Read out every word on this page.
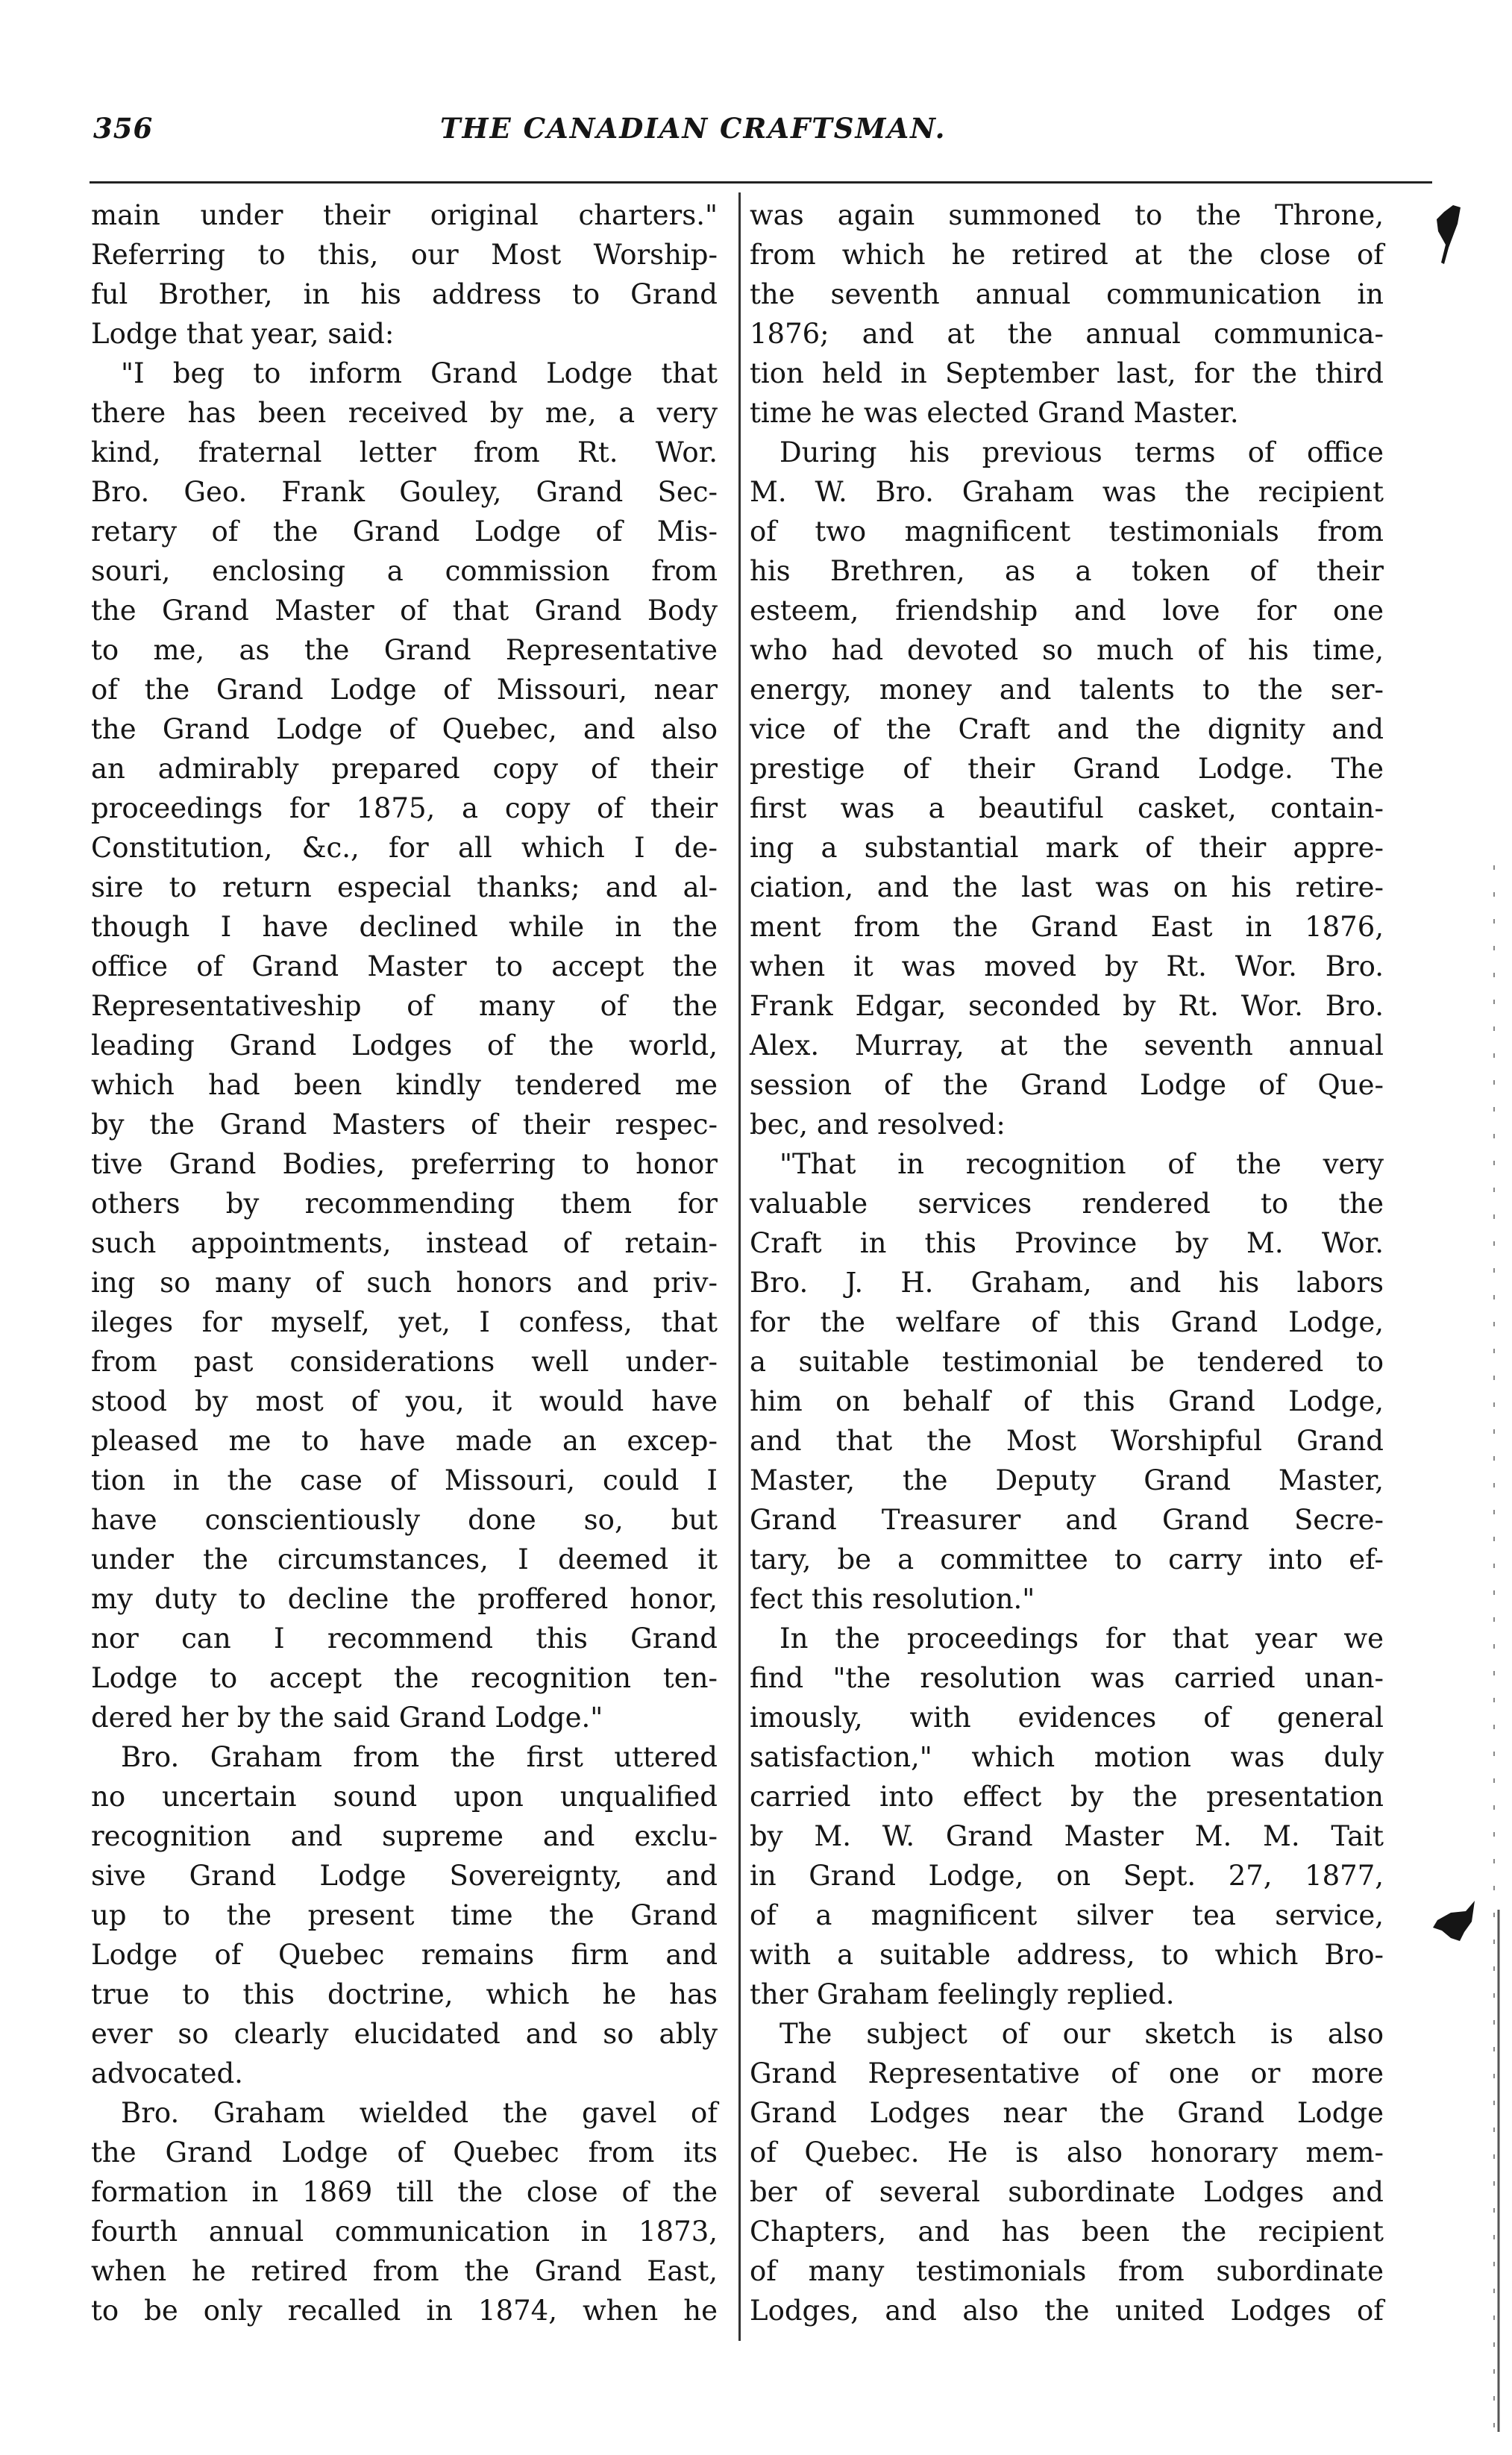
356	THE CANADIAN CRAFTSMAN.
main under their original charters."
Referring to this, our Most Worship-
ful Brother, in his address to Grand
Lodge that year, said:
"I beg to inform Grand Lodge that
there has been received by me, a very
kind, fraternal letter from Rt. Wor.
Bro. Geo. Frank Gouley, Grand Sec-
retary of the Grand Lodge of Mis-
souri, enclosing a commission from
the Grand Master of that Grand Body
to me, as the Grand Representative
of the Grand Lodge of Missouri, near
the Grand Lodge of Quebec, and also
an admirably prepared copy of their
proceedings for 1875, a copy of their
Constitution, &c., for all which I de-
sire to return especial thanks; and al-
though I have declined while in the
office of Grand Master to accept the
Representativeship of many of the
leading Grand Lodges of the world,
which had been kindly tendered me
by the Grand Masters of their respec-
tive Grand Bodies, preferring to honor
others by recommending them for
such appointments, instead of retain-
ing so many of such honors and priv-
ileges for myself, yet, I confess, that
from past considerations well under-
stood by most of you, it would have
pleased me to have made an excep-
tion in the case of Missouri, could I
have conscientiously done so, but
under the circumstances, I deemed it
my duty to decline the proffered honor,
nor can I recommend this Grand
Lodge to accept the recognition ten-
dered her by the said Grand Lodge."
Bro. Graham from the first uttered
no uncertain sound upon unqualified
recognition and supreme and exclu-
sive Grand Lodge Sovereignty, and
up to the present time the Grand
Lodge of Quebec remains firm and
true to this doctrine, which he has
ever so clearly elucidated and so ably
advocated.
Bro. Graham wielded the gavel of
the Grand Lodge of Quebec from its
formation in 1869 till the close of the
fourth annual communication in 1873,
when he retired from the Grand East,
to be only recalled in 1874, when he
was again summoned to the Throne,
from which he retired at the close of
the seventh annual communication in
1876; and at the annual communica-
tion held in September last, for the third
time he was elected Grand Master.
During his previous terms of office
M. W. Bro. Graham was the recipient
of two magnificent testimonials from
his Brethren, as a token of their
esteem, friendship and love for one
who had devoted so much of his time,
energy, money and talents to the ser-
vice of the Craft and the dignity and
prestige of their Grand Lodge. The
first was a beautiful casket, contain-
ing a substantial mark of their appre-
ciation, and the last was on his retire-
ment from the Grand East in 1876,
when it was moved by Rt. Wor. Bro.
Frank Edgar, seconded by Rt. Wor. Bro.
Alex. Murray, at the seventh annual
session of the Grand Lodge of Que-
bec, and resolved:
"That in recognition of the very
valuable services rendered to the
Craft in this Province by M. Wor.
Bro. J. H. Graham, and his labors
for the welfare of this Grand Lodge,
a suitable testimonial be tendered to
him on behalf of this Grand Lodge,
and that the Most Worshipful Grand
Master, the Deputy Grand Master,
Grand Treasurer and Grand Secre-
tary, be a committee to carry into ef-
fect this resolution."
In the proceedings for that year we
find "the resolution was carried unan-
imously, with evidences of general
satisfaction," which motion was duly
carried into effect by the presentation
by M. W. Grand Master M. M. Tait
in Grand Lodge, on Sept. 27, 1877,
of a magnificent silver tea service,
with a suitable address, to which Bro-
ther Graham feelingly replied.
The subject of our sketch is also
Grand Representative of one or more
Grand Lodges near the Grand Lodge
of Quebec. He is also honorary mem-
ber of several subordinate Lodges and
Chapters, and has been the recipient
of many testimonials from subordinate
Lodges, and also the united Lodges of
